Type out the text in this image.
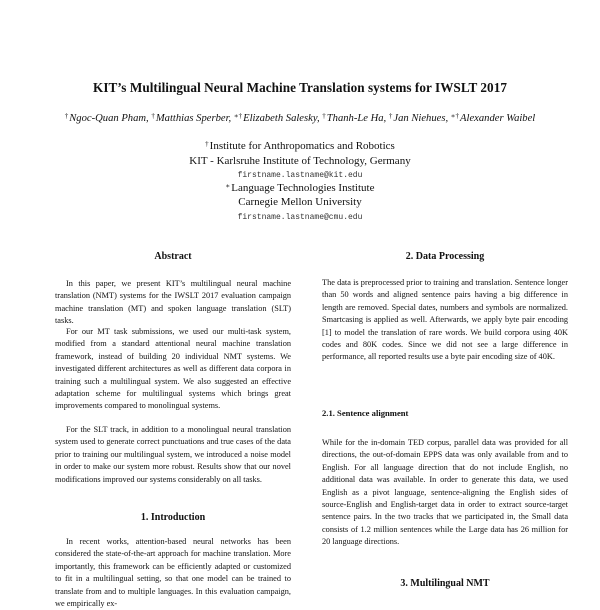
KIT’s Multilingual Neural Machine Translation systems for IWSLT 2017
†Ngoc-Quan Pham, †Matthias Sperber, ∗†Elizabeth Salesky, †Thanh-Le Ha, †Jan Niehues, ∗†Alexander Waibel
†Institute for Anthropomatics and Robotics
KIT - Karlsruhe Institute of Technology, Germany
firstname.lastname@kit.edu
∗Language Technologies Institute
Carnegie Mellon University
firstname.lastname@cmu.edu
Abstract

In this paper, we present KIT’s multilingual neural machine translation (NMT) systems for the IWSLT 2017 evaluation campaign machine translation (MT) and spoken language translation (SLT) tasks.

For our MT task submissions, we used our multi-task system, modified from a standard attentional neural machine translation framework, instead of building 20 individual NMT systems. We investigated different architectures as well as different data corpora in training such a multilingual system. We also suggested an effective adaptation scheme for multilingual systems which brings great improvements compared to monolingual systems.

For the SLT track, in addition to a monolingual neural translation system used to generate correct punctuations and true cases of the data prior to training our multilingual system, we introduced a noise model in order to make our system more robust. Results show that our novel modifications improved our systems considerably on all tasks.

1. Introduction

In recent works, attention-based neural networks has been considered the state-of-the-art approach for machine translation. More importantly, this framework can be efficiently adapted or customized to fit in a multilingual setting, so that one model can be trained to translate from and to multiple languages. In this evaluation campaign, we empirically ex-

2. Data Processing

The data is preprocessed prior to training and translation. Sentence longer than 50 words and aligned sentence pairs having a big difference in length are removed. Special dates, numbers and symbols are normalized. Smartcasing is applied as well. Afterwards, we apply byte pair encoding [1] to model the translation of rare words. We build corpora using 40K codes and 80K codes. Since we did not see a large difference in performance, all reported results use a byte pair encoding size of 40K.

2.1. Sentence alignment

While for the in-domain TED corpus, parallel data was provided for all directions, the out-of-domain EPPS data was only available from and to English. For all language direction that do not include English, no additional data was available. In order to generate this data, we used English as a pivot language, sentence-aligning the English sides of source-English and English-target data in order to extract source-target sentence pairs. In the two tracks that we participated in, the Small data consists of 1.2 million sentences while the Large data has 26 million for 20 language directions.

3. Multilingual NMT
